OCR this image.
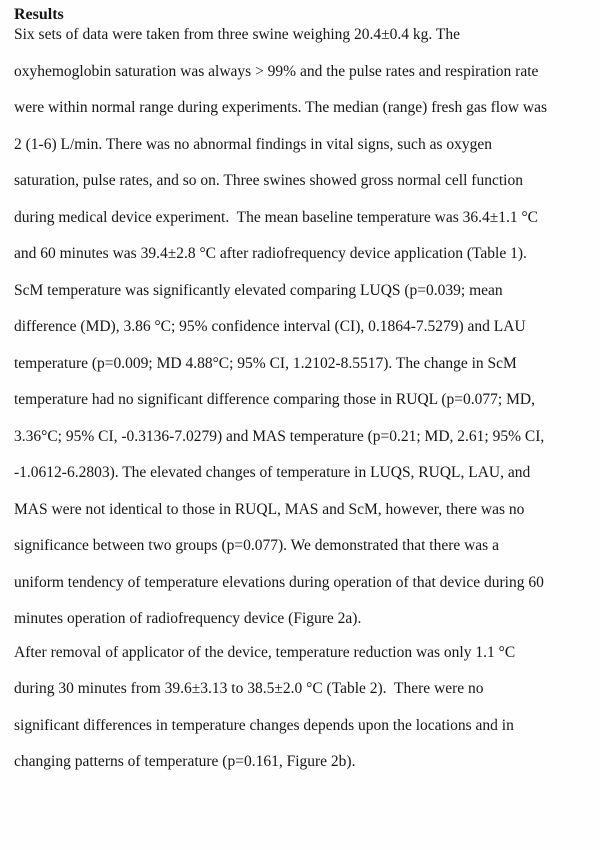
Results
Six sets of data were taken from three swine weighing 20.4±0.4 kg. The
oxyhemoglobin saturation was always > 99% and the pulse rates and respiration rate
were within normal range during experiments. The median (range) fresh gas flow was
2 (1-6) L/min. There was no abnormal findings in vital signs, such as oxygen
saturation, pulse rates, and so on. Three swines showed gross normal cell function
during medical device experiment.  The mean baseline temperature was 36.4±1.1 °C
and 60 minutes was 39.4±2.8 °C after radiofrequency device application (Table 1).
ScM temperature was significantly elevated comparing LUQS (p=0.039; mean
difference (MD), 3.86 °C; 95% confidence interval (CI), 0.1864-7.5279) and LAU
temperature (p=0.009; MD 4.88°C; 95% CI, 1.2102-8.5517). The change in ScM
temperature had no significant difference comparing those in RUQL (p=0.077; MD,
3.36°C; 95% CI, -0.3136-7.0279) and MAS temperature (p=0.21; MD, 2.61; 95% CI,
-1.0612-6.2803). The elevated changes of temperature in LUQS, RUQL, LAU, and
MAS were not identical to those in RUQL, MAS and ScM, however, there was no
significance between two groups (p=0.077). We demonstrated that there was a
uniform tendency of temperature elevations during operation of that device during 60
minutes operation of radiofrequency device (Figure 2a).
After removal of applicator of the device, temperature reduction was only 1.1 °C
during 30 minutes from 39.6±3.13 to 38.5±2.0 °C (Table 2).  There were no
significant differences in temperature changes depends upon the locations and in
changing patterns of temperature (p=0.161, Figure 2b).
